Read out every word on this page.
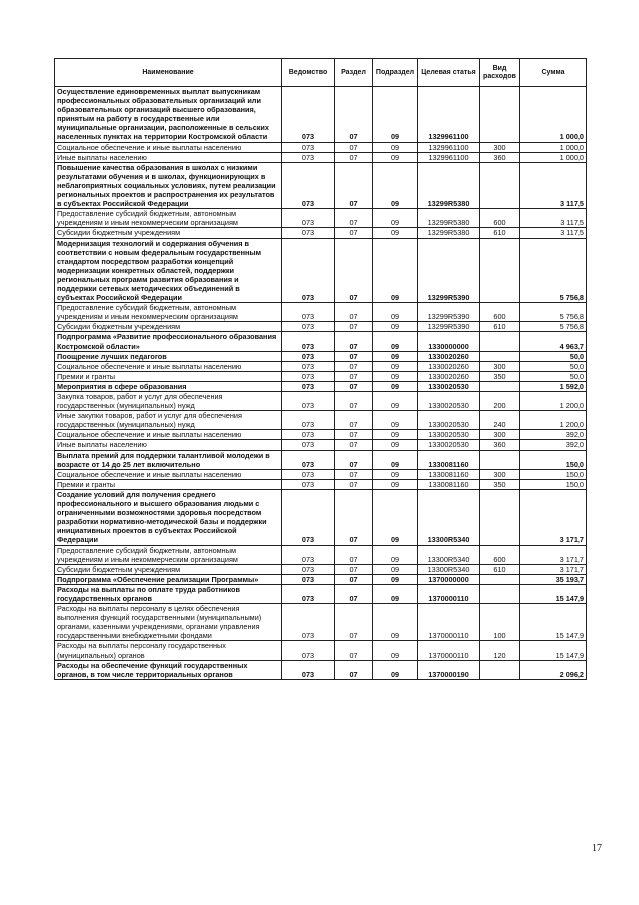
Наименование	Ведомство	Раздел	Подраздел	Целевая статья	Вид расходов	Сумма
Осуществление единовременных выплат выпускникам профессиональных образовательных организаций или образовательных организаций высшего образования, принятым на работу в государственные или муниципальные организации, расположенные в сельских населенных пунктах на территории Костромской области	073	07	09	1329961100		1 000,0
Социальное обеспечение и иные выплаты населению	073	07	09	1329961100	300	1 000,0
Иные выплаты населению	073	07	09	1329961100	360	1 000,0
Повышение качества образования в школах с низкими результатами обучения и в школах, функционирующих в неблагоприятных социальных условиях, путем реализации региональных проектов и распространения их результатов в субъектах Российской Федерации	073	07	09	13299R5380		3 117,5
Предоставление субсидий бюджетным, автономным учреждениям и иным некоммерческим организациям	073	07	09	13299R5380	600	3 117,5
Субсидии бюджетным учреждениям	073	07	09	13299R5380	610	3 117,5
Модернизация технологий и содержания обучения в соответствии с новым федеральным государственным стандартом посредством разработки концепций модернизации конкретных областей, поддержки региональных программ развития образования и поддержки сетевых методических объединений в субъектах Российской Федерации	073	07	09	13299R5390		5 756,8
Предоставление субсидий бюджетным, автономным учреждениям и иным некоммерческим организациям	073	07	09	13299R5390	600	5 756,8
Субсидии бюджетным учреждениям	073	07	09	13299R5390	610	5 756,8
Подпрограмма «Развитие профессионального образования Костромской области»	073	07	09	1330000000		4 963,7
Поощрение лучших педагогов	073	07	09	1330020260		50,0
Социальное обеспечение и иные выплаты населению	073	07	09	1330020260	300	50,0
Премии и гранты	073	07	09	1330020260	350	50,0
Мероприятия в сфере образования	073	07	09	1330020530		1 592,0
Закупка товаров, работ и услуг для обеспечения государственных (муниципальных) нужд	073	07	09	1330020530	200	1 200,0
Иные закупки товаров, работ и услуг для обеспечения государственных (муниципальных) нужд	073	07	09	1330020530	240	1 200,0
Социальное обеспечение и иные выплаты населению	073	07	09	1330020530	300	392,0
Иные выплаты населению	073	07	09	1330020530	360	392,0
Выплата премий для поддержки талантливой молодежи в возрасте от 14 до 25 лет включительно	073	07	09	1330081160		150,0
Социальное обеспечение и иные выплаты населению	073	07	09	1330081160	300	150,0
Премии и гранты	073	07	09	1330081160	350	150,0
Создание условий для получения среднего профессионального и высшего образования людьми с ограниченными возможностями здоровья посредством разработки нормативно-методической базы и поддержки инициативных проектов в субъектах Российской Федерации	073	07	09	13300R5340		3 171,7
Предоставление субсидий бюджетным, автономным учреждениям и иным некоммерческим организациям	073	07	09	13300R5340	600	3 171,7
Субсидии бюджетным учреждениям	073	07	09	13300R5340	610	3 171,7
Подпрограмма «Обеспечение реализации Программы»	073	07	09	1370000000		35 193,7
Расходы на выплаты по оплате труда работников государственных органов	073	07	09	1370000110		15 147,9
Расходы на выплаты персоналу в целях обеспечения выполнения функций государственными (муниципальными) органами, казенными учреждениями, органами управления государственными внебюджетными фондами	073	07	09	1370000110	100	15 147,9
Расходы на выплаты персоналу государственных (муниципальных) органов	073	07	09	1370000110	120	15 147,9
Расходы на обеспечение функций государственных органов, в том числе территориальных органов	073	07	09	1370000190		2 096,2
17
